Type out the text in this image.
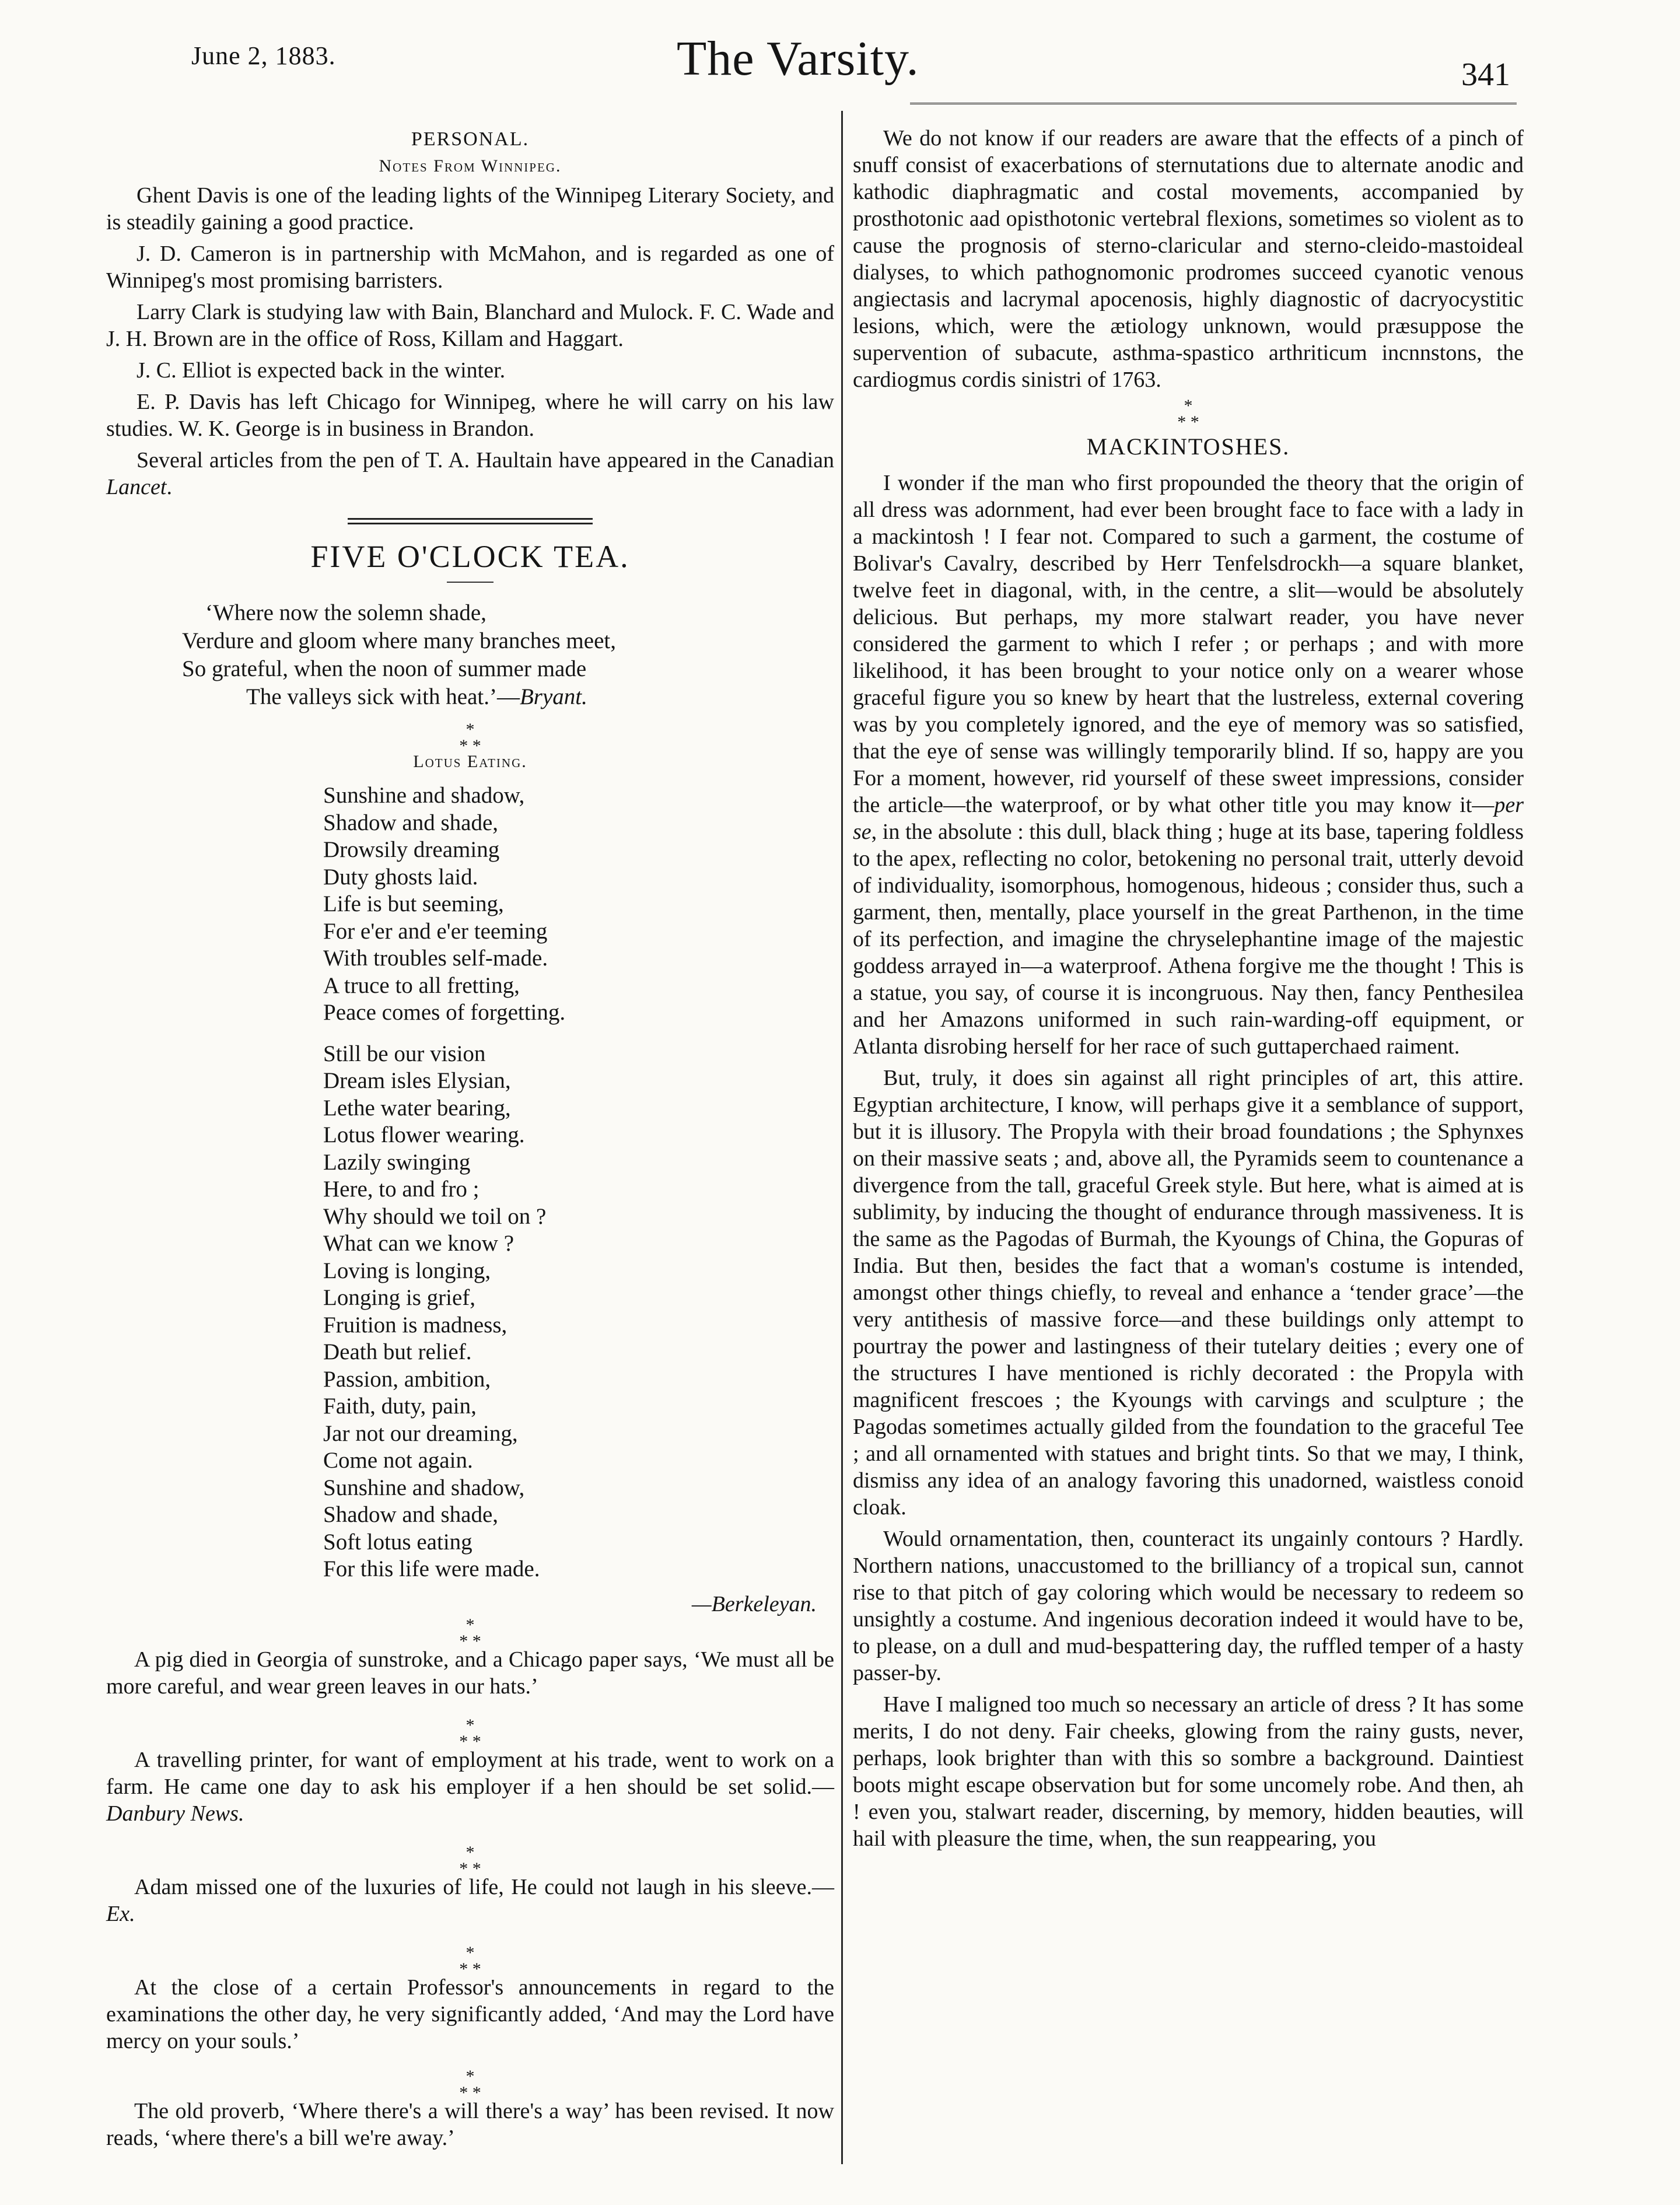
June 2, 1883.	The Varsity.	341
PERSONAL.
Notes From Winnipeg.

Ghent Davis is one of the leading lights of the Winnipeg Literary Society, and is steadily gaining a good practice.

J. D. Cameron is in partnership with McMahon, and is regarded as one of Winnipeg's most promising barristers.

Larry Clark is studying law with Bain, Blanchard and Mulock. F. C. Wade and J. H. Brown are in the office of Ross, Killam and Haggart.

J. C. Elliot is expected back in the winter.

E. P. Davis has left Chicago for Winnipeg, where he will carry on his law studies. W. K. George is in business in Brandon.

Several articles from the pen of T. A. Haultain have appeared in the Canadian Lancet.

FIVE O'CLOCK TEA.
‘Where now the solemn shade,
Verdure and gloom where many branches meet,
So grateful, when the noon of summer made
The valleys sick with heat.’—Bryant.
*
* *
Lotus Eating.
Sunshine and shadow,
Shadow and shade,
Drowsily dreaming
Duty ghosts laid.
Life is but seeming,
For e'er and e'er teeming
With troubles self-made.
A truce to all fretting,
Peace comes of forgetting.
Still be our vision
Dream isles Elysian,
Lethe water bearing,
Lotus flower wearing.
Lazily swinging
Here, to and fro ;
Why should we toil on ?
What can we know ?
Loving is longing,
Longing is grief,
Fruition is madness,
Death but relief.
Passion, ambition,
Faith, duty, pain,
Jar not our dreaming,
Come not again.
Sunshine and shadow,
Shadow and shade,
Soft lotus eating
For this life were made.
—Berkeleyan.
*
* *

A pig died in Georgia of sunstroke, and a Chicago paper says, ‘We must all be more careful, and wear green leaves in our hats.’

*
* *

A travelling printer, for want of employment at his trade, went to work on a farm. He came one day to ask his employer if a hen should be set solid.—Danbury News.

*
* *

Adam missed one of the luxuries of life, He could not laugh in his sleeve.—Ex.

*
* *

At the close of a certain Professor's announcements in regard to the examinations the other day, he very significantly added, ‘And may the Lord have mercy on your souls.’

*
* *

The old proverb, ‘Where there's a will there's a way’ has been revised. It now reads, ‘where there's a bill we're away.’

We do not know if our readers are aware that the effects of a pinch of snuff consist of exacerbations of sternutations due to alternate anodic and kathodic diaphragmatic and costal movements, accompanied by prosthotonic aad opisthotonic vertebral flexions, sometimes so violent as to cause the prognosis of sterno-claricular and sterno-cleido-mastoideal dialyses, to which pathognomonic prodromes succeed cyanotic venous angiectasis and lacrymal apocenosis, highly diagnostic of dacryocystitic lesions, which, were the ætiology unknown, would præsuppose the supervention of subacute, asthma-spastico arthriticum incnnstons, the cardiogmus cordis sinistri of 1763.

*
* *
MACKINTOSHES.

I wonder if the man who first propounded the theory that the origin of all dress was adornment, had ever been brought face to face with a lady in a mackintosh ! I fear not. Compared to such a garment, the costume of Bolivar's Cavalry, described by Herr Tenfelsdrockh—a square blanket, twelve feet in diagonal, with, in the centre, a slit—would be absolutely delicious. But perhaps, my more stalwart reader, you have never considered the garment to which I refer ; or perhaps ; and with more likelihood, it has been brought to your notice only on a wearer whose graceful figure you so knew by heart that the lustreless, external covering was by you completely ignored, and the eye of memory was so satisfied, that the eye of sense was willingly temporarily blind. If so, happy are you For a moment, however, rid yourself of these sweet impressions, consider the article—the waterproof, or by what other title you may know it—per se, in the absolute : this dull, black thing ; huge at its base, tapering foldless to the apex, reflecting no color, betokening no personal trait, utterly devoid of individuality, isomorphous, homogenous, hideous ; consider thus, such a garment, then, mentally, place yourself in the great Parthenon, in the time of its perfection, and imagine the chryselephantine image of the majestic goddess arrayed in—a waterproof. Athena forgive me the thought ! This is a statue, you say, of course it is incongruous. Nay then, fancy Penthesilea and her Amazons uniformed in such rain-warding-off equipment, or Atlanta disrobing herself for her race of such guttaperchaed raiment.

But, truly, it does sin against all right principles of art, this attire. Egyptian architecture, I know, will perhaps give it a semblance of support, but it is illusory. The Propyla with their broad foundations ; the Sphynxes on their massive seats ; and, above all, the Pyramids seem to countenance a divergence from the tall, graceful Greek style. But here, what is aimed at is sublimity, by inducing the thought of endurance through massiveness. It is the same as the Pagodas of Burmah, the Kyoungs of China, the Gopuras of India. But then, besides the fact that a woman's costume is intended, amongst other things chiefly, to reveal and enhance a ‘tender grace’—the very antithesis of massive force—and these buildings only attempt to pourtray the power and lastingness of their tutelary deities ; every one of the structures I have mentioned is richly decorated : the Propyla with magnificent frescoes ; the Kyoungs with carvings and sculpture ; the Pagodas sometimes actually gilded from the foundation to the graceful Tee ; and all ornamented with statues and bright tints. So that we may, I think, dismiss any idea of an analogy favoring this unadorned, waistless conoid cloak.

Would ornamentation, then, counteract its ungainly contours ? Hardly. Northern nations, unaccustomed to the brilliancy of a tropical sun, cannot rise to that pitch of gay coloring which would be necessary to redeem so unsightly a costume. And ingenious decoration indeed it would have to be, to please, on a dull and mud-bespattering day, the ruffled temper of a hasty passer-by.

Have I maligned too much so necessary an article of dress ? It has some merits, I do not deny. Fair cheeks, glowing from the rainy gusts, never, perhaps, look brighter than with this so sombre a background. Daintiest boots might escape observation but for some uncomely robe. And then, ah ! even you, stalwart reader, discerning, by memory, hidden beauties, will hail with pleasure the time, when, the sun reappearing, you
